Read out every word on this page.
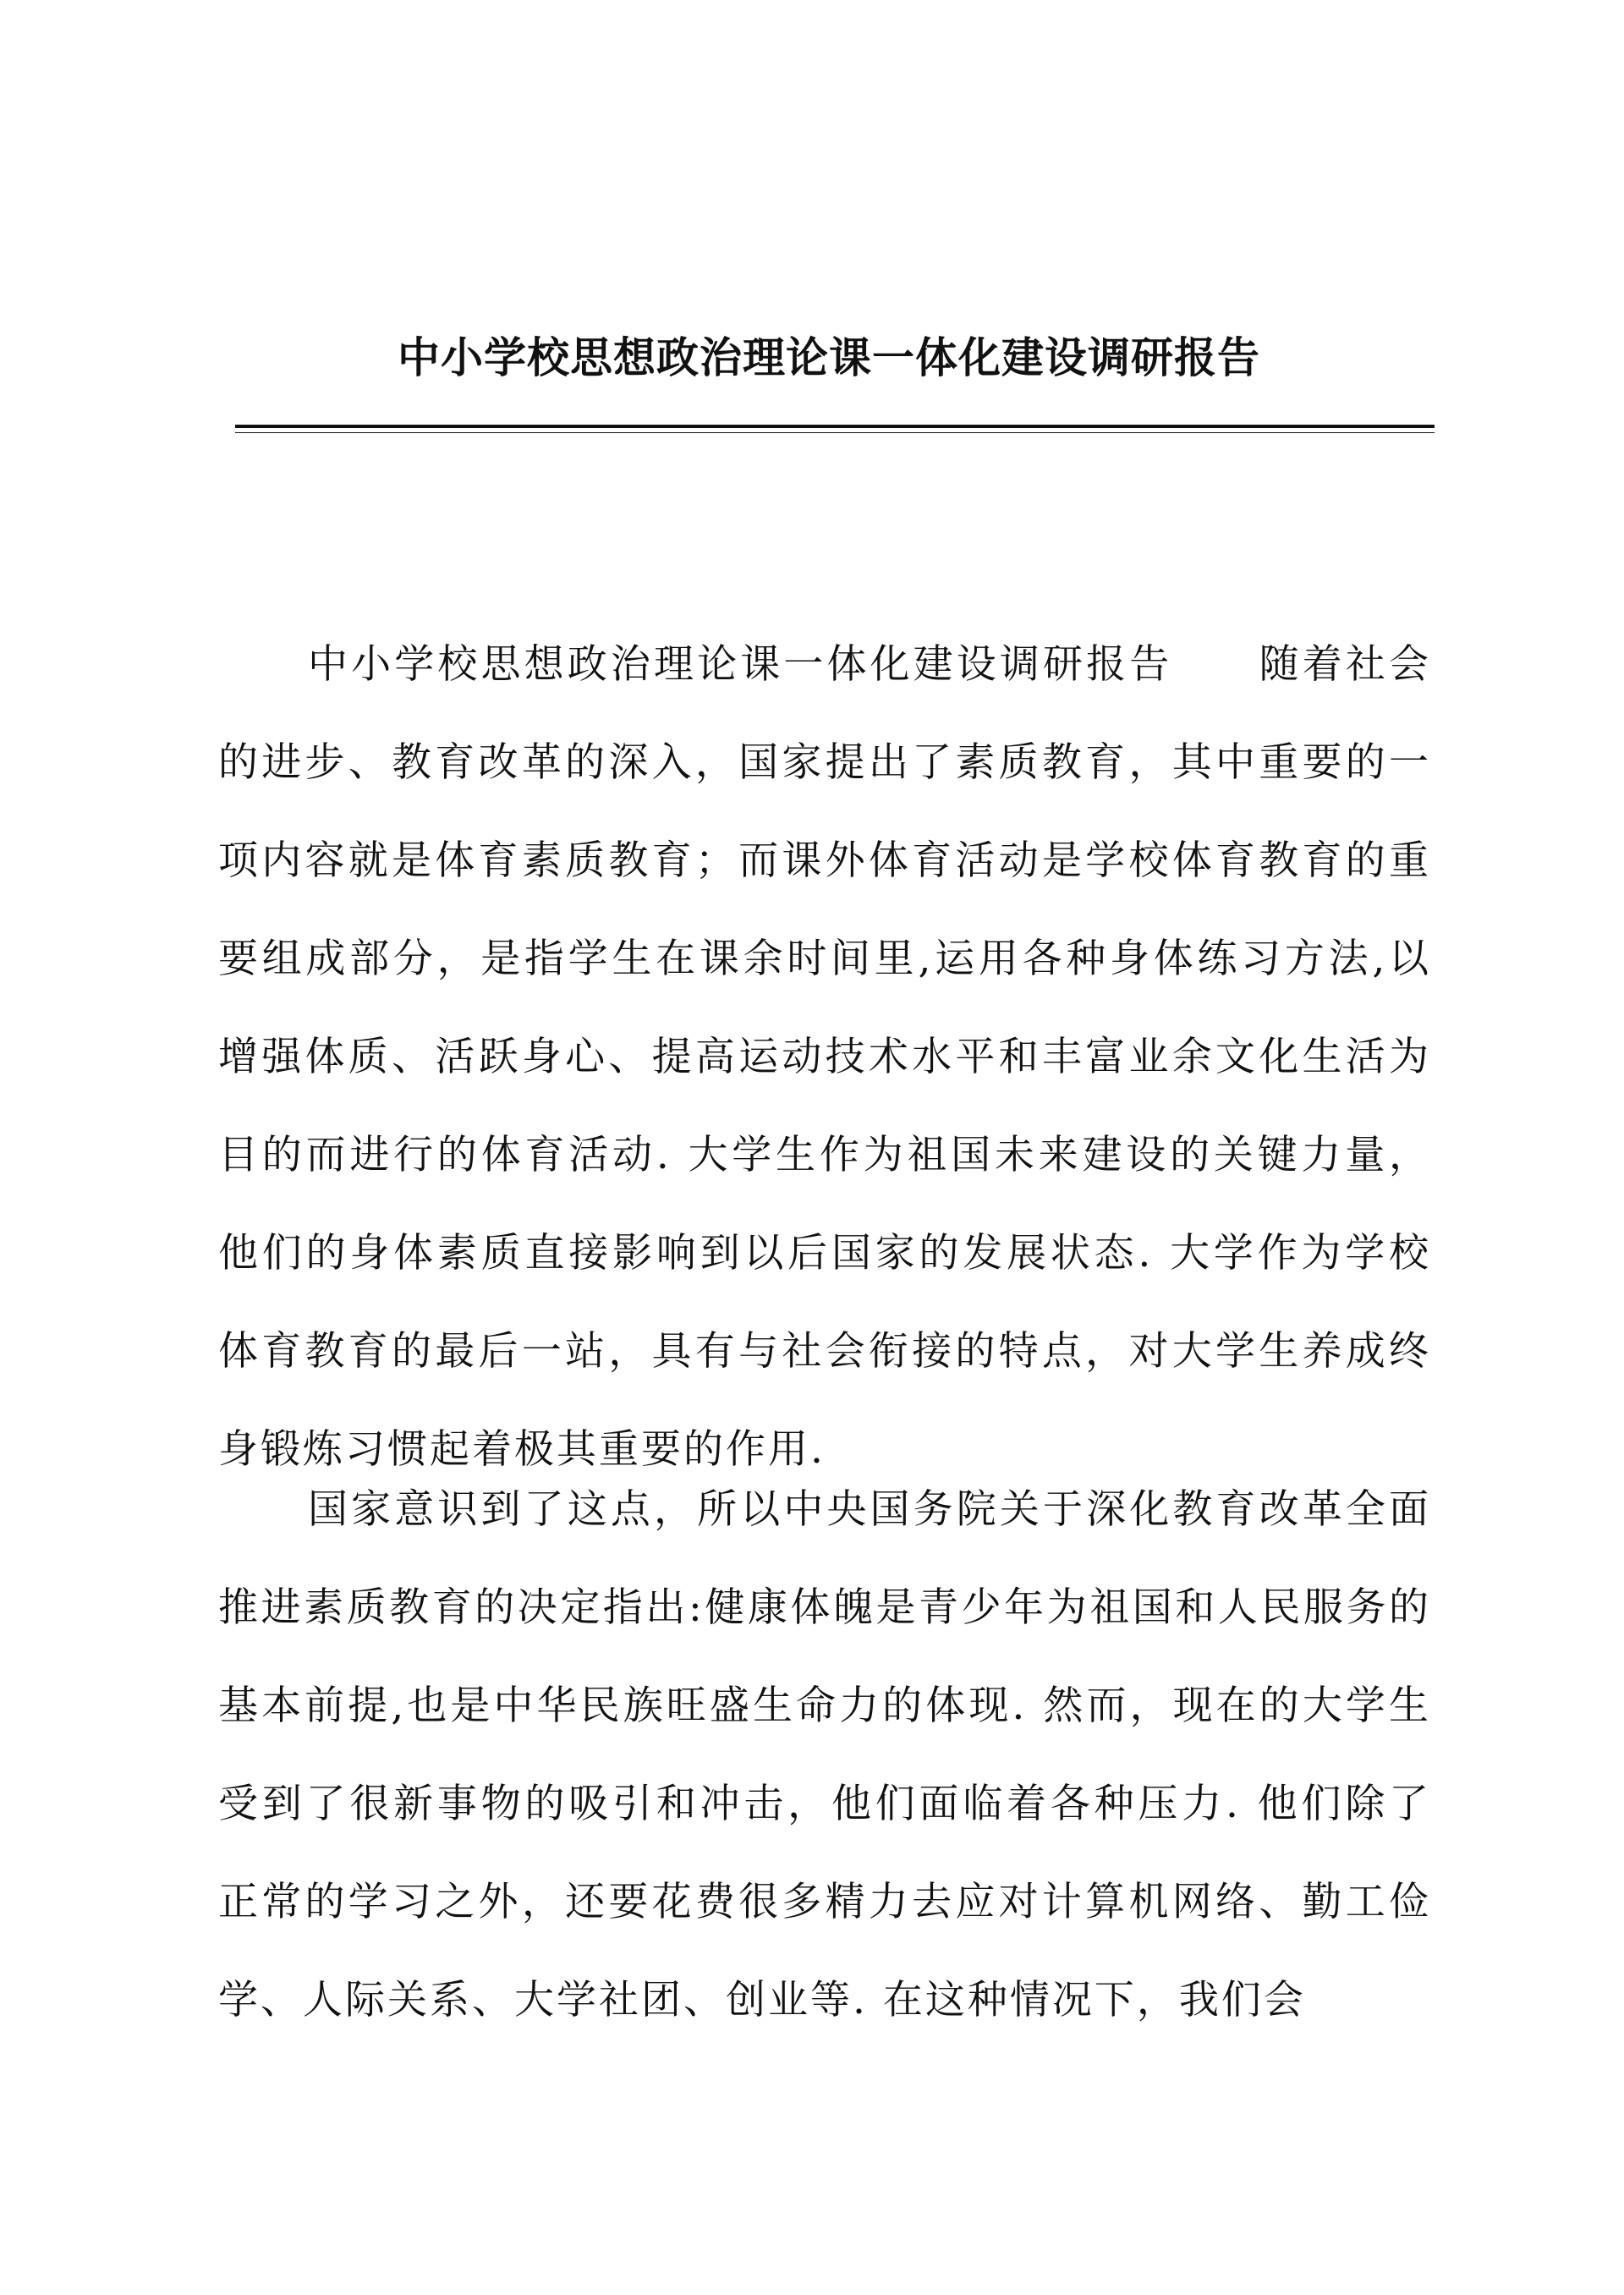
中小学校思想政治理论课一体化建设调研报告

中小学校思想政治理论课一体化建设调研报告　　随着社会的进步、教育改革的深入，国家提出了素质教育，其中重要的一项内容就是体育素质教育；而课外体育活动是学校体育教育的重要组成部分，是指学生在课余时间里,运用各种身体练习方法,以增强体质、活跃身心、提高运动技术水平和丰富业余文化生活为目的而进行的体育活动. 大学生作为祖国未来建设的关键力量，他们的身体素质直接影响到以后国家的发展状态. 大学作为学校体育教育的最后一站，具有与社会衔接的特点，对大学生养成终身锻炼习惯起着极其重要的作用.

国家意识到了这点，所以中央国务院关于深化教育改革全面推进素质教育的决定指出:健康体魄是青少年为祖国和人民服务的基本前提,也是中华民族旺盛生命力的体现. 然而，现在的大学生受到了很新事物的吸引和冲击，他们面临着各种压力. 他们除了正常的学习之外，还要花费很多精力去应对计算机网络、勤工俭学、人际关系、大学社团、创业等. 在这种情况下，我们会
